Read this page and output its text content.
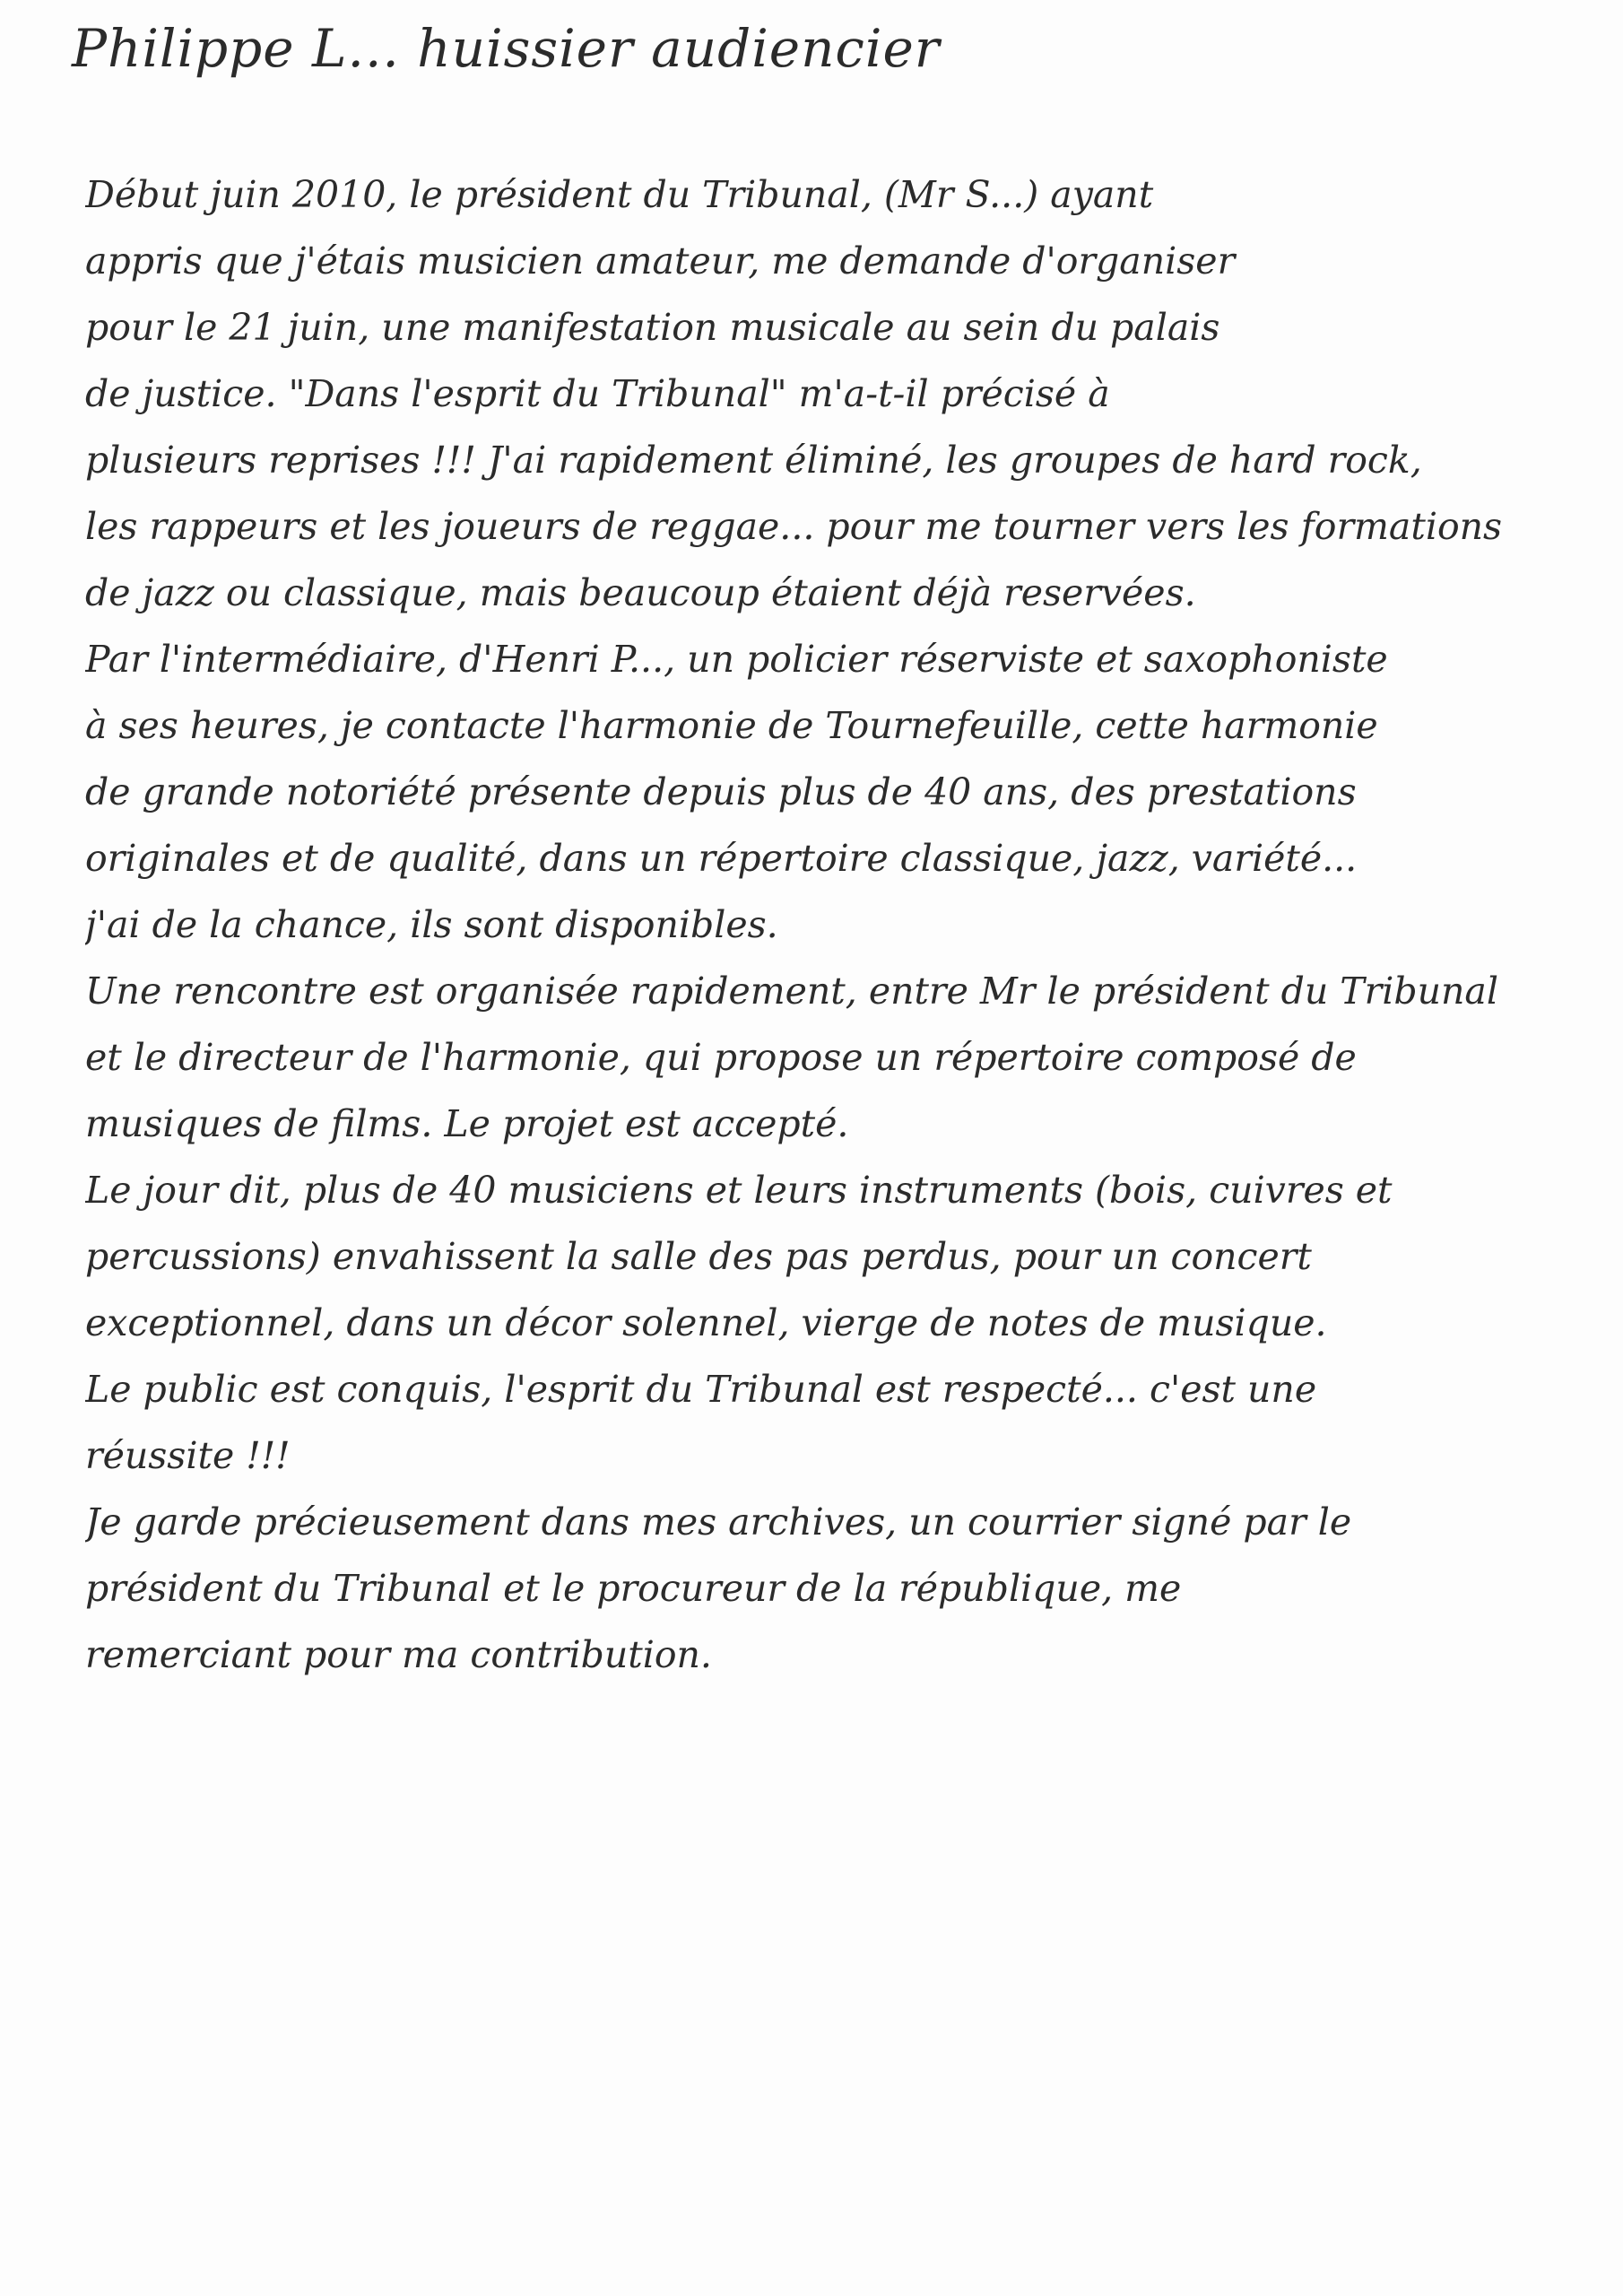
Philippe L... huissier audiencier
Début juin 2010, le président du Tribunal, (Mr S...) ayant
appris que j'étais musicien amateur, me demande d'organiser
pour le 21 juin, une manifestation musicale au sein du palais
de justice. "Dans l'esprit du Tribunal" m'a-t-il précisé à
plusieurs reprises !!! J'ai rapidement éliminé, les groupes de hard rock,
les rappeurs et les joueurs de reggae... pour me tourner vers les formations
de jazz ou classique, mais beaucoup étaient déjà reservées.
Par l'intermédiaire, d'Henri P..., un policier réserviste et saxophoniste
à ses heures, je contacte l'harmonie de Tournefeuille, cette harmonie
de grande notoriété présente depuis plus de 40 ans, des prestations
originales et de qualité, dans un répertoire classique, jazz, variété...
j'ai de la chance, ils sont disponibles.
Une rencontre est organisée rapidement, entre Mr le président du Tribunal
et le directeur de l'harmonie, qui propose un répertoire composé de
musiques de films. Le projet est accepté.
Le jour dit, plus de 40 musiciens et leurs instruments (bois, cuivres et
percussions) envahissent la salle des pas perdus, pour un concert
exceptionnel, dans un décor solennel, vierge de notes de musique.
Le public est conquis, l'esprit du Tribunal est respecté... c'est une
réussite !!!
Je garde précieusement dans mes archives, un courrier signé par le
président du Tribunal et le procureur de la république, me
remerciant pour ma contribution.
